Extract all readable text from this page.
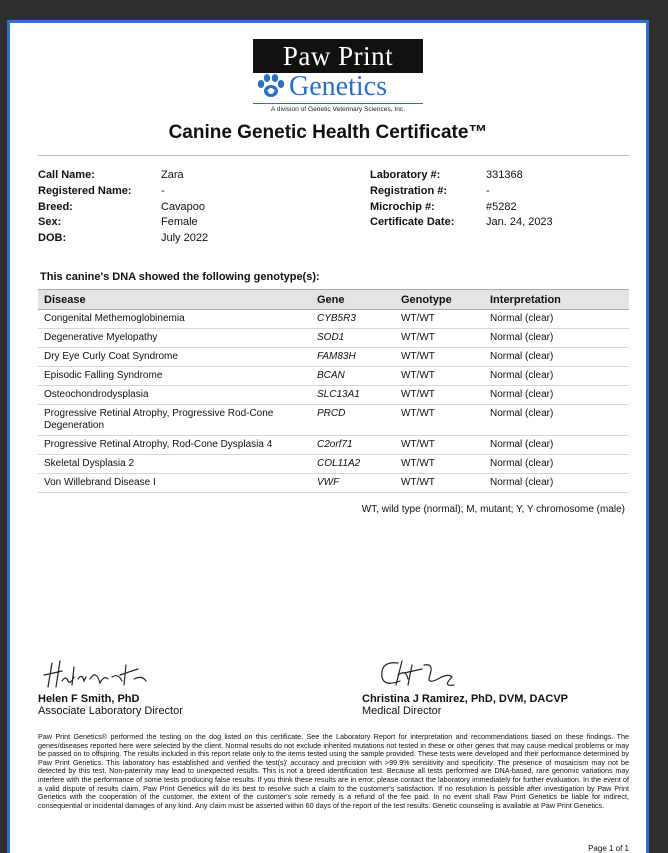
Paw Print
Genetics
A division of Genetic Veterinary Sciences, Inc.
Canine Genetic Health Certificate™
Call Name:	Zara
Registered Name:	-
Breed:	Cavapoo
Sex:	Female
DOB:	July 2022
Laboratory #:	331368
Registration #:	-
Microchip #:	#5282
Certificate Date:	Jan. 24, 2023
This canine's DNA showed the following genotype(s):
Disease	Gene	Genotype	Interpretation
Congenital Methemoglobinemia	CYB5R3	WT/WT	Normal (clear)
Degenerative Myelopathy	SOD1	WT/WT	Normal (clear)
Dry Eye Curly Coat Syndrome	FAM83H	WT/WT	Normal (clear)
Episodic Falling Syndrome	BCAN	WT/WT	Normal (clear)
Osteochondrodysplasia	SLC13A1	WT/WT	Normal (clear)
Progressive Retinal Atrophy, Progressive Rod-Cone Degeneration	PRCD	WT/WT	Normal (clear)
Progressive Retinal Atrophy, Rod-Cone Dysplasia 4	C2orf71	WT/WT	Normal (clear)
Skeletal Dysplasia 2	COL11A2	WT/WT	Normal (clear)
Von Willebrand Disease I	VWF	WT/WT	Normal (clear)
WT, wild type (normal); M, mutant; Y, Y chromosome (male)
Helen F Smith, PhD
Associate Laboratory Director
Christina J Ramirez, PhD, DVM, DACVP
Medical Director
Paw Print Genetics® performed the testing on the dog listed on this certificate. See the Laboratory Report for interpretation and recommendations based on these findings. The genes/diseases reported here were selected by the client. Normal results do not exclude inherited mutations not tested in these or other genes that may cause medical problems or may be passed on to offspring. The results included in this report relate only to the items tested using the sample provided. These tests were developed and their performance determined by Paw Print Genetics. This laboratory has established and verified the test(s)' accuracy and precision with >99.9% sensitivity and specificity. The presence of mosaicism may not be detected by this test. Non-paternity may lead to unexpected results. This is not a breed identification test. Because all tests performed are DNA-based, rare genomic variations may interfere with the performance of some tests producing false results. If you think these results are in error, please contact the laboratory immediately for further evaluation. In the event of a valid dispute of results claim, Paw Print Genetics will do its best to resolve such a claim to the customer's satisfaction. If no resolution is possible after investigation by Paw Print Genetics with the cooperation of the customer, the extent of the customer's sole remedy is a refund of the fee paid. In no event shall Paw Print Genetics be liable for indirect, consequential or incidental damages of any kind. Any claim must be asserted within 60 days of the report of the test results. Genetic counseling is available at Paw Print Genetics.
Page 1 of 1
